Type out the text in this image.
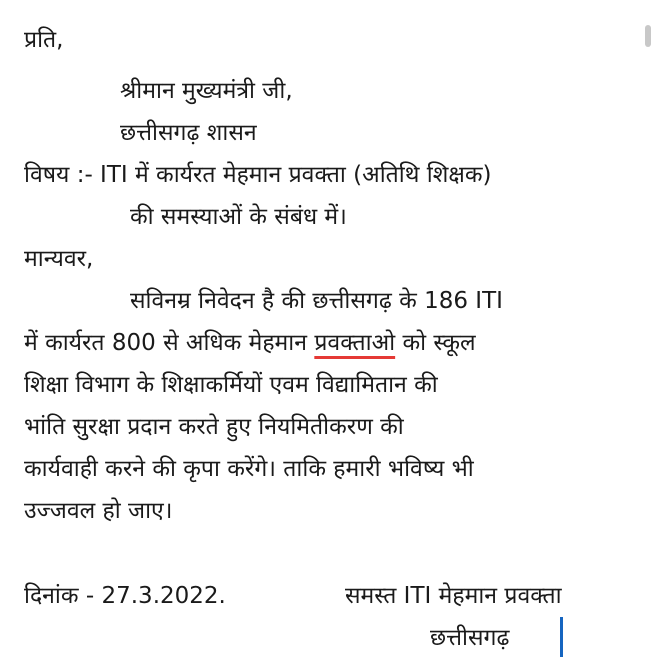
प्रति,
श्रीमान मुख्यमंत्री जी,
छत्तीसगढ़ शासन
विषय :- ITI में कार्यरत मेहमान प्रवक्ता (अतिथि शिक्षक)
की समस्याओं के संबंध में।
मान्यवर,
सविनम्र निवेदन है की छत्तीसगढ़ के 186 ITI
में कार्यरत 800 से अधिक मेहमान प्रवक्ताओ को स्कूल
शिक्षा विभाग के शिक्षाकर्मियों एवम विद्यामितान की
भांति सुरक्षा प्रदान करते हुए नियमितीकरण की
कार्यवाही करने की कृपा करेंगे। ताकि हमारी भविष्य भी
उज्जवल हो जाए।
दिनांक - 27.3.2022.	समस्त ITI मेहमान प्रवक्ता
छत्तीसगढ़
